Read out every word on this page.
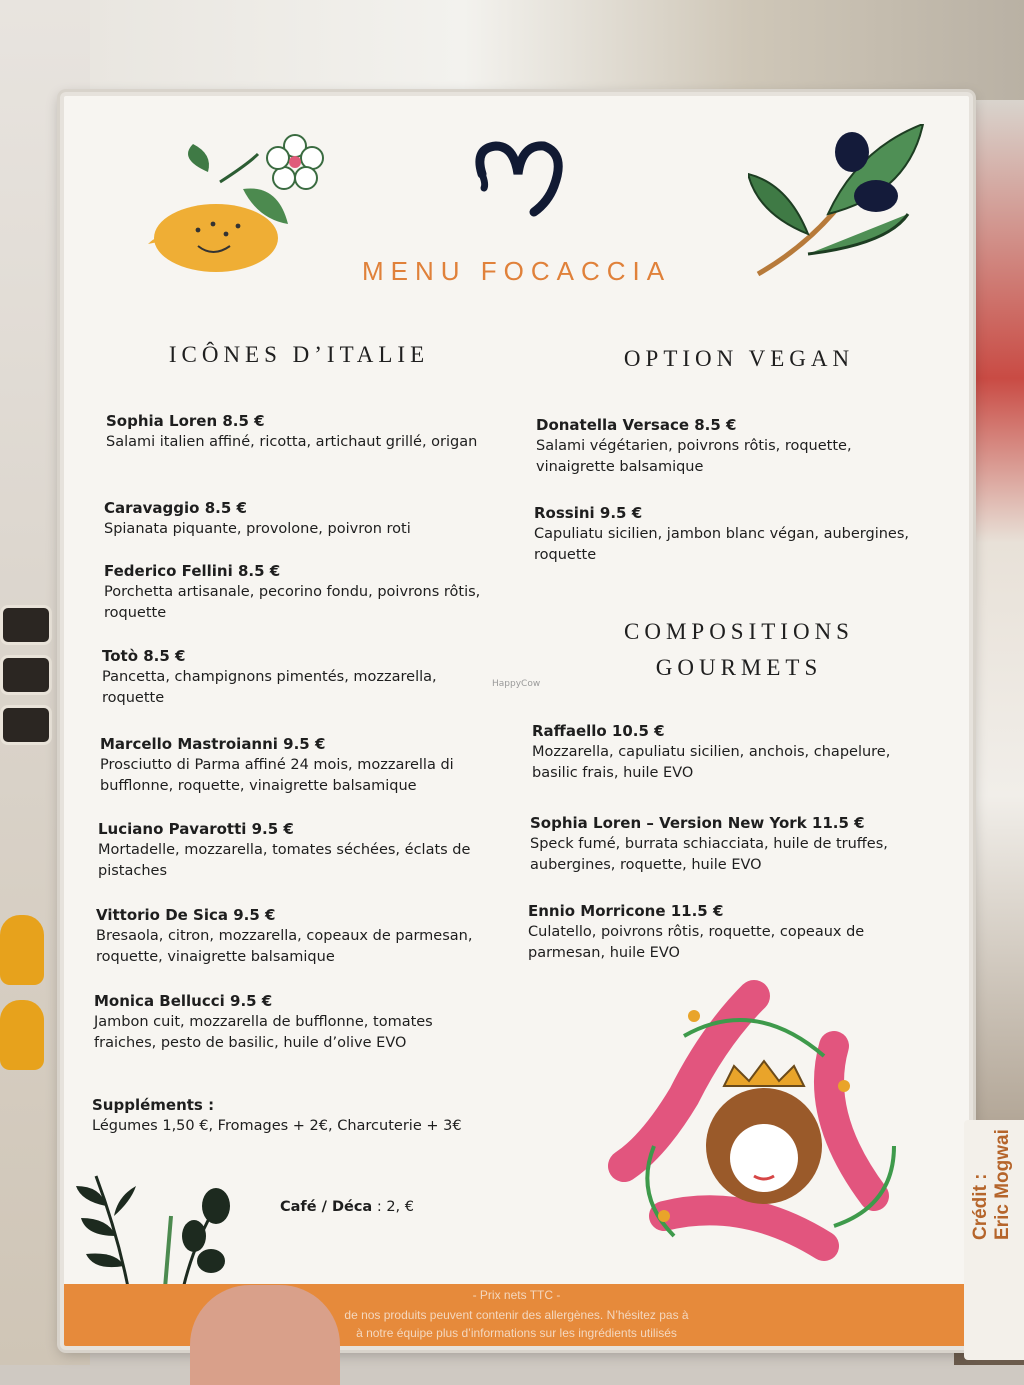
MENU FOCACCIA
ICÔNES D’ITALIE
Sophia Loren 8.5 €
Salami italien affiné, ricotta, artichaut grillé, origan
Caravaggio 8.5 €
Spianata piquante, provolone, poivron roti
Federico Fellini 8.5 €
Porchetta artisanale, pecorino fondu, poivrons rôtis, roquette
Totò 8.5 €
Pancetta, champignons pimentés, mozzarella, roquette
Marcello Mastroianni 9.5 €
Prosciutto di Parma affiné 24 mois, mozzarella di bufflonne, roquette, vinaigrette balsamique
Luciano Pavarotti 9.5 €
Mortadelle, mozzarella, tomates séchées, éclats de pistaches
Vittorio De Sica 9.5 €
Bresaola, citron, mozzarella, copeaux de parmesan, roquette, vinaigrette balsamique
Monica Bellucci 9.5 €
Jambon cuit, mozzarella de bufflonne, tomates fraiches, pesto de basilic, huile d’olive EVO
HappyCow
OPTION VEGAN
Donatella Versace 8.5 €
Salami végétarien, poivrons rôtis, roquette, vinaigrette balsamique
Rossini 9.5 €
Capuliatu sicilien, jambon blanc végan, aubergines, roquette
COMPOSITIONS
GOURMETS
Raffaello 10.5 €
Mozzarella, capuliatu sicilien, anchois, chapelure, basilic frais, huile EVO
Sophia Loren – Version New York 11.5 €
Speck fumé, burrata schiacciata, huile de truffes, aubergines, roquette, huile EVO
Ennio Morricone 11.5 €
Culatello, poivrons rôtis, roquette, copeaux de parmesan, huile EVO
Suppléments :
Légumes 1,50 €, Fromages + 2€, Charcuterie + 3€
Café / Déca : 2, €
- Prix nets TTC -
de nos produits peuvent contenir des allergènes. N’hésitez pas à
à notre équipe plus d’informations sur les ingrédients utilisés
Crédit : Eric Mogwai
